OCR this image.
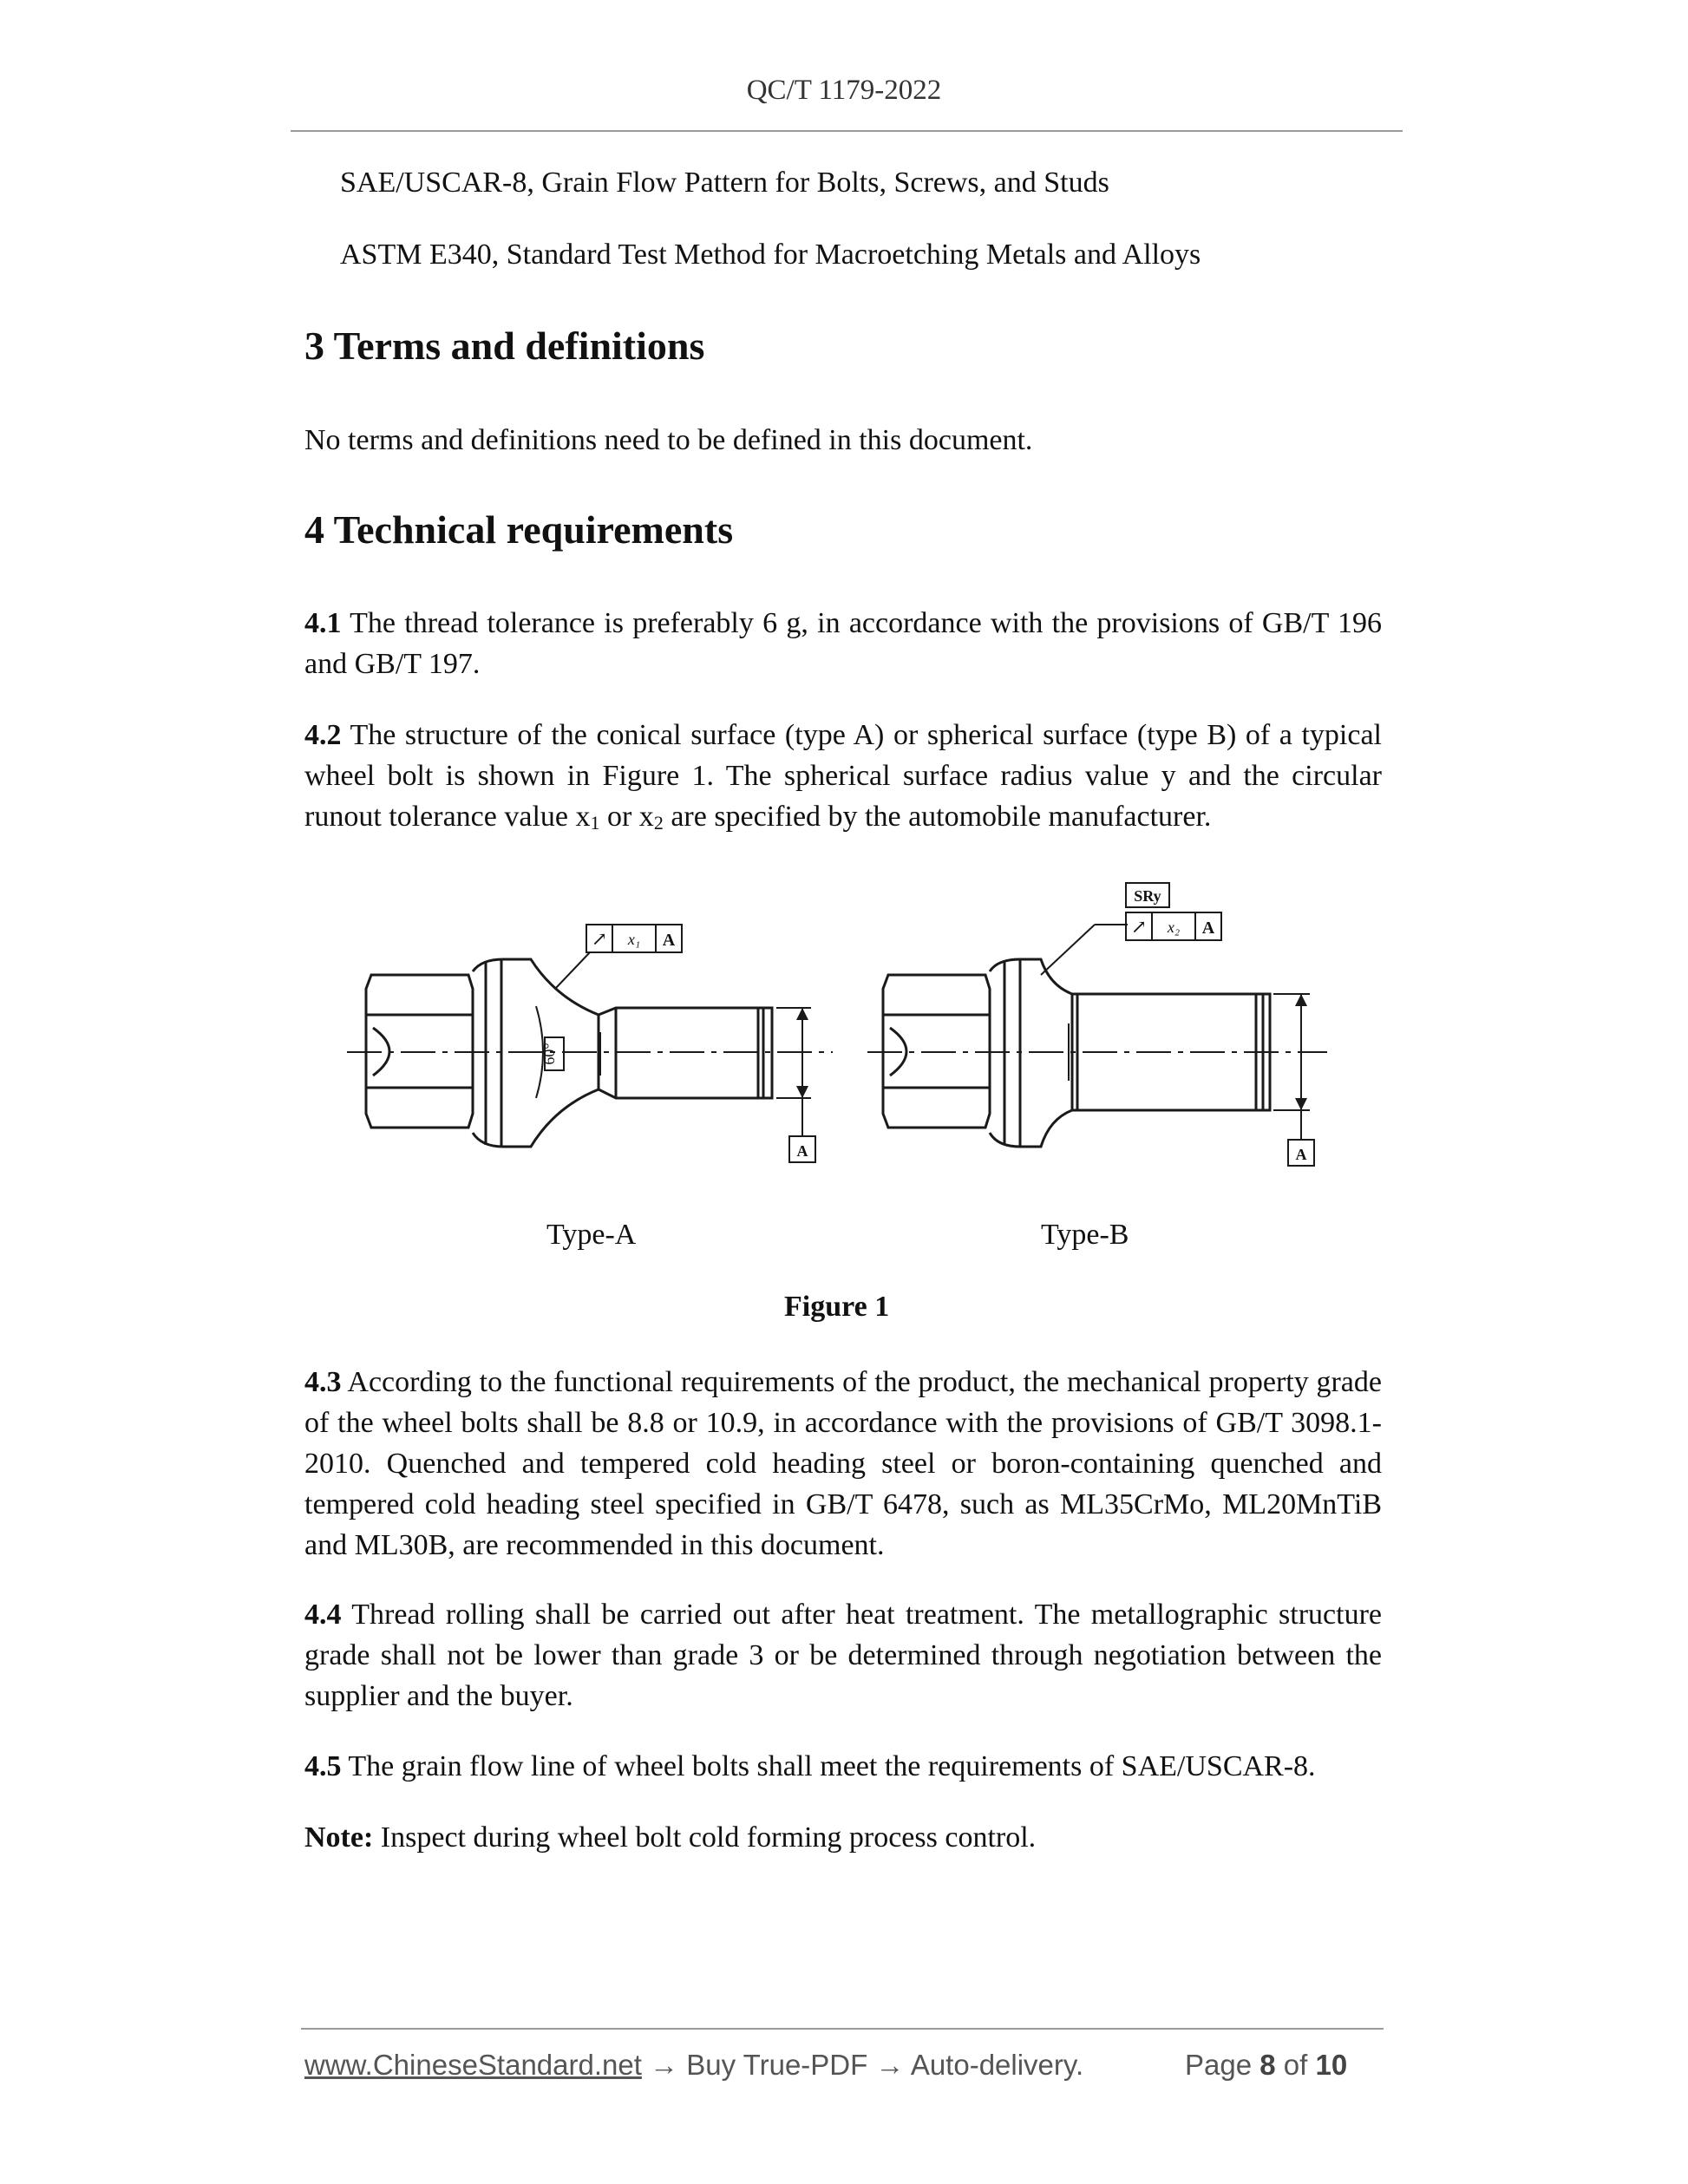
QC/T 1179-2022
SAE/USCAR-8, Grain Flow Pattern for Bolts, Screws, and Studs
ASTM E340, Standard Test Method for Macroetching Metals and Alloys
3 Terms and definitions
No terms and definitions need to be defined in this document.
4 Technical requirements
4.1 The thread tolerance is preferably 6 g, in accordance with the provisions of GB/T 196 and GB/T 197.
4.2 The structure of the conical surface (type A) or spherical surface (type B) of a typical wheel bolt is shown in Figure 1. The spherical surface radius value y and the circular runout tolerance value $x_1$ or $x_2$ are specified by the automobile manufacturer.
↗ x₁ A
60°
A
↗ x₂ A
SRy
A
Type-A	Type-B
Figure 1
4.3 According to the functional requirements of the product, the mechanical property grade of the wheel bolts shall be 8.8 or 10.9, in accordance with the provisions of GB/T 3098.1-2010. Quenched and tempered cold heading steel or boron-containing quenched and tempered cold heading steel specified in GB/T 6478, such as ML35CrMo, ML20MnTiB and ML30B, are recommended in this document.
4.4 Thread rolling shall be carried out after heat treatment. The metallographic structure grade shall not be lower than grade 3 or be determined through negotiation between the supplier and the buyer.
4.5 The grain flow line of wheel bolts shall meet the requirements of SAE/USCAR-8.
Note: Inspect during wheel bolt cold forming process control.
www.ChineseStandard.net → Buy True-PDF → Auto-delivery.	Page 8 of 10
